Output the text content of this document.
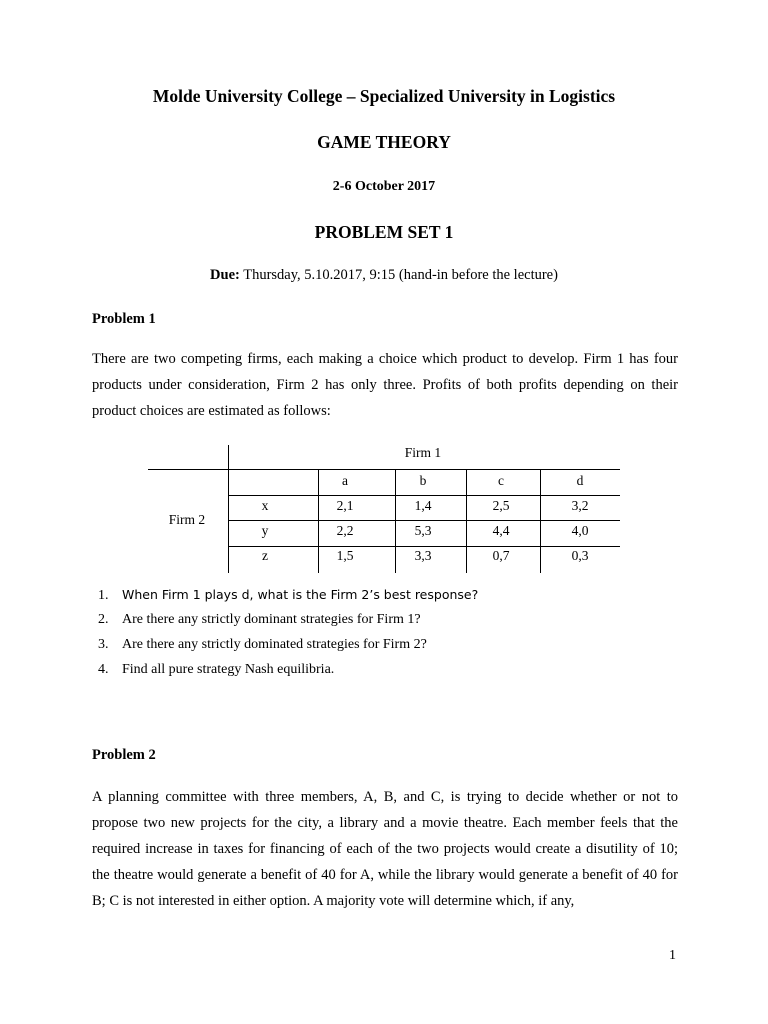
Molde University College – Specialized University in Logistics
GAME THEORY
2-6 October 2017
PROBLEM SET 1
Due: Thursday, 5.10.2017, 9:15 (hand-in before the lecture)
Problem 1

There are two competing firms, each making a choice which product to develop. Firm 1 has four products under consideration, Firm 2 has only three. Profits of both profits depending on their product choices are estimated as follows:

Firm 1
a	b	c	d
Firm 2
x	2,1	1,4	2,5	3,2
y	2,2	5,3	4,4	4,0
z	1,5	3,3	0,7	0,3
1. When Firm 1 plays d, what is the Firm 2’s best response?
2. Are there any strictly dominant strategies for Firm 1?
3. Are there any strictly dominated strategies for Firm 2?
4. Find all pure strategy Nash equilibria.
Problem 2

A planning committee with three members, A, B, and C, is trying to decide whether or not to propose two new projects for the city, a library and a movie theatre. Each member feels that the required increase in taxes for financing of each of the two projects would create a disutility of 10; the theatre would generate a benefit of 40 for A, while the library would generate a benefit of 40 for B; C is not interested in either option. A majority vote will determine which, if any,

1
